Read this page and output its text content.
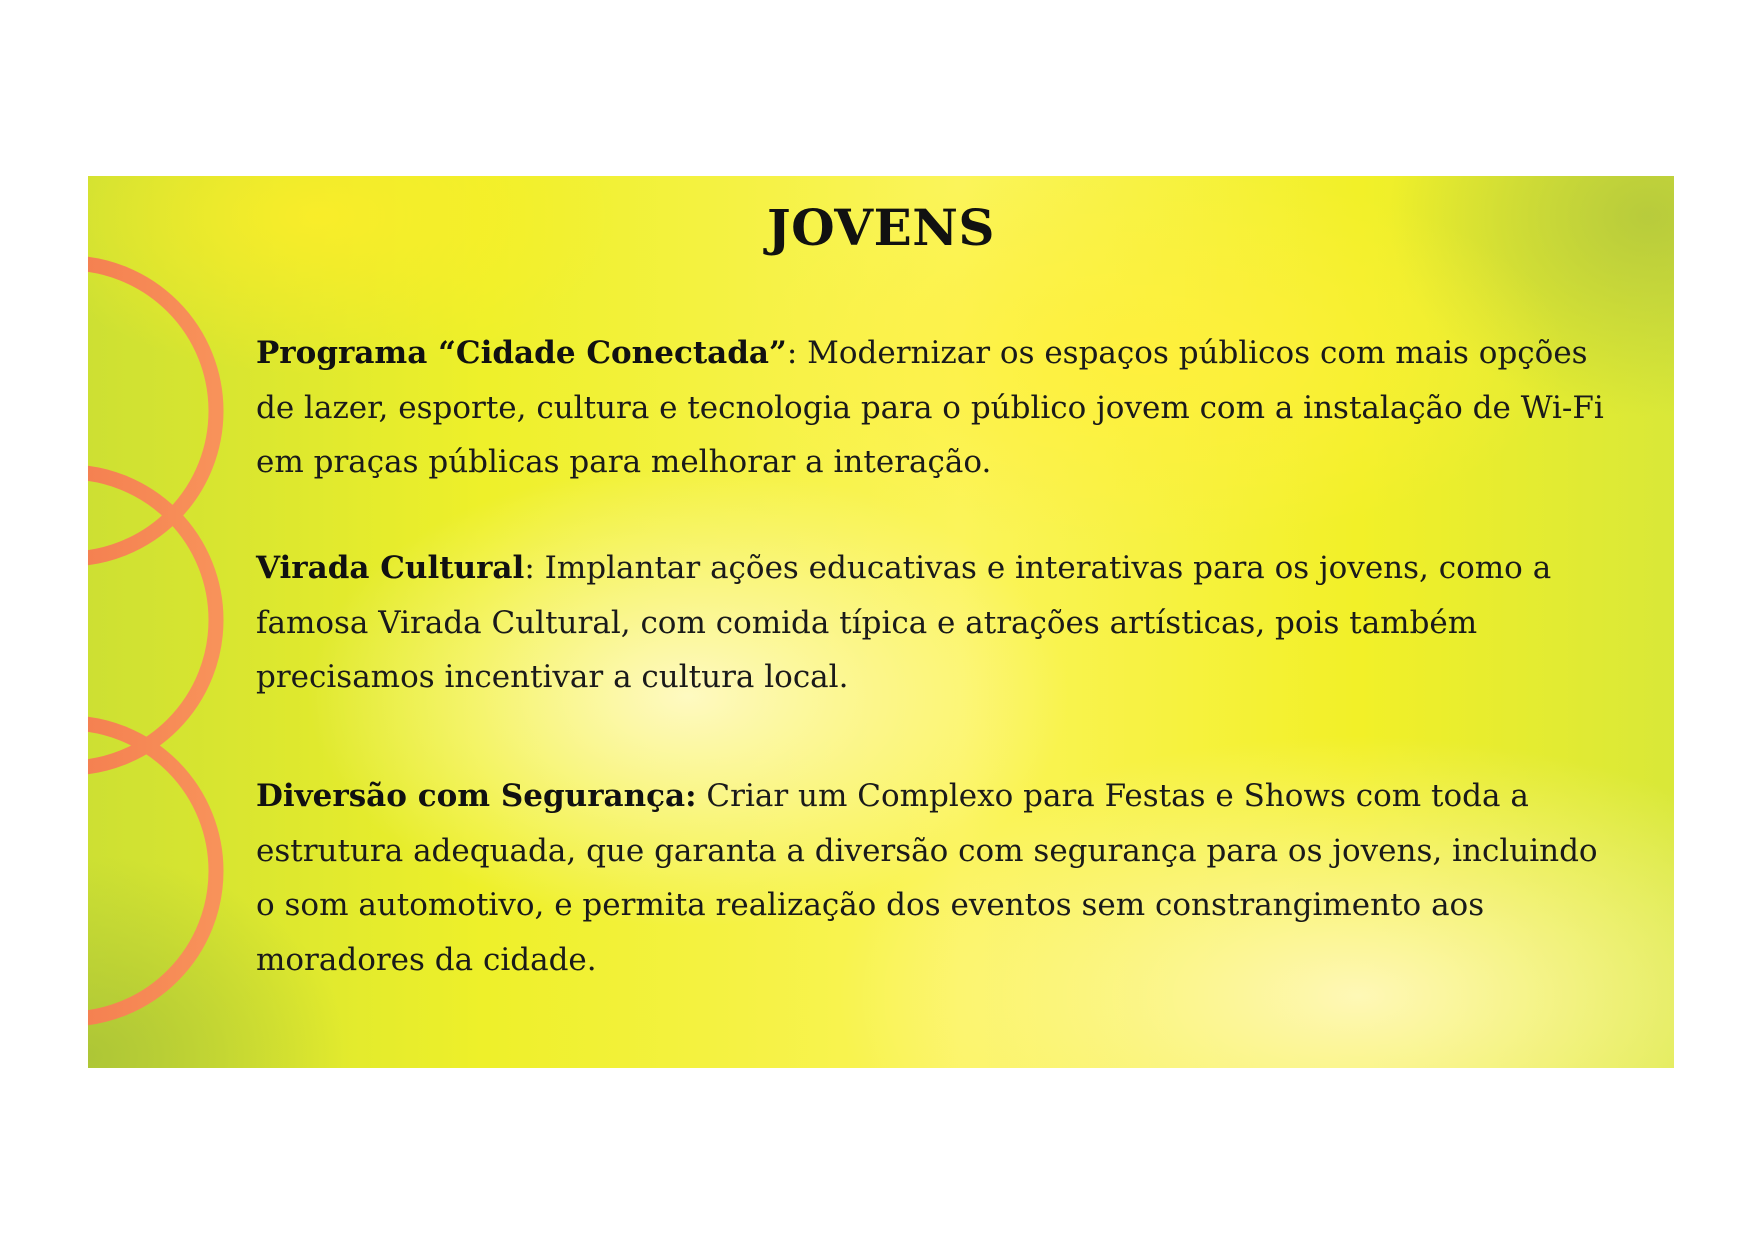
JOVENS

Programa “Cidade Conectada”: Modernizar os espaços públicos com mais opções de lazer, esporte, cultura e tecnologia para o público jovem com a instalação de Wi-Fi em praças públicas para melhorar a interação.

Virada Cultural: Implantar ações educativas e interativas para os jovens, como a famosa Virada Cultural, com comida típica e atrações artísticas, pois também precisamos incentivar a cultura local.

Diversão com Segurança: Criar um Complexo para Festas e Shows com toda a estrutura adequada, que garanta a diversão com segurança para os jovens, incluindo o som automotivo, e permita realização dos eventos sem constrangimento aos moradores da cidade.
